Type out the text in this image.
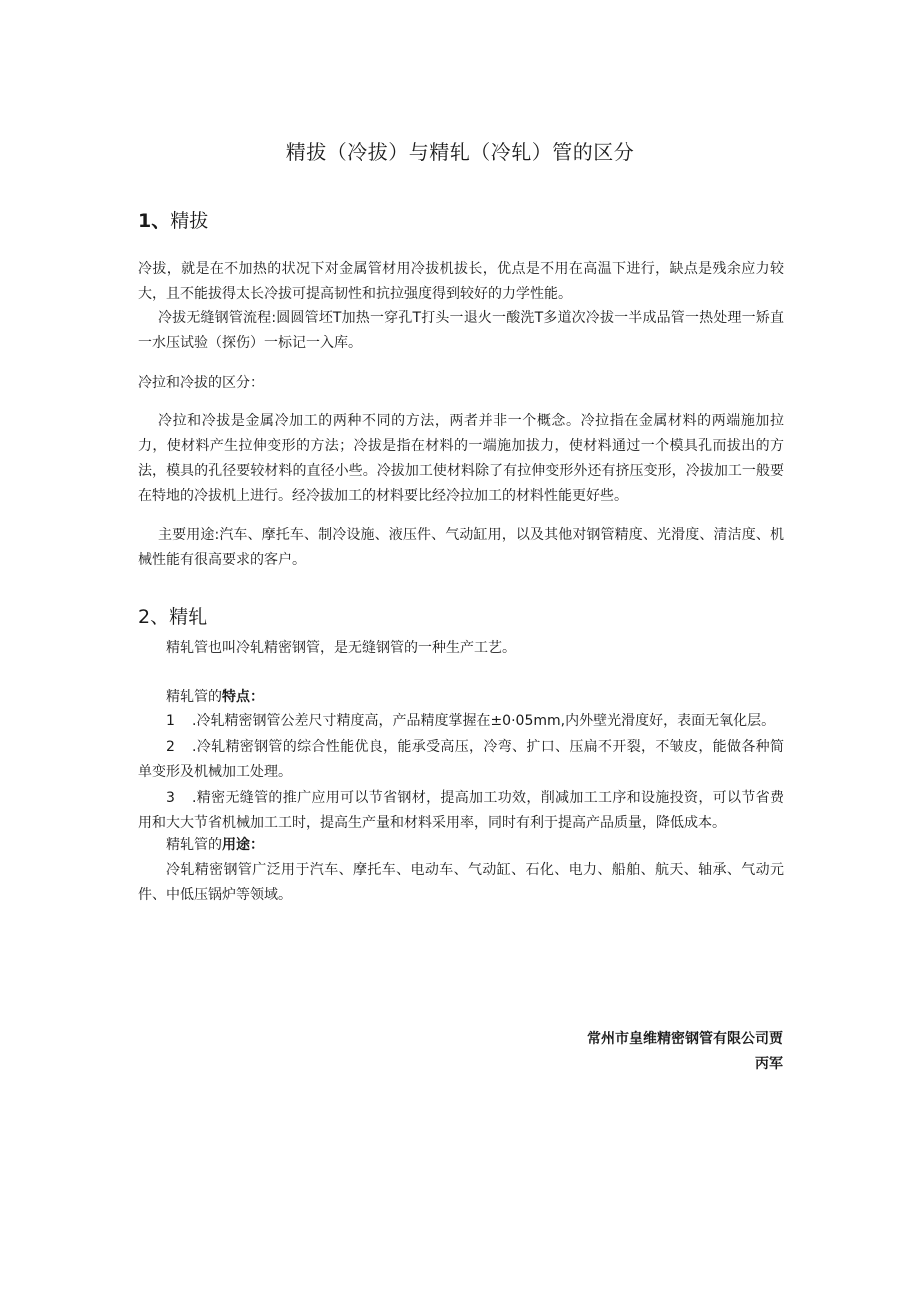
精拔（冷拔）与精轧（冷轧）管的区分
1、精拔
冷拔，就是在不加热的状况下对金属管材用冷拔机拔长，优点是不用在高温下进行，缺点是残余应力较大，且不能拔得太长冷拔可提高韧性和抗拉强度得到较好的力学性能。
冷拔无缝钢管流程:圆圆管坯T加热一穿孔T打头一退火一酸洗T多道次冷拔一半成品管一热处理一矫直一水压试验（探伤）一标记一入库。
冷拉和冷拔的区分：
冷拉和冷拔是金属冷加工的两种不同的方法，两者并非一个概念。冷拉指在金属材料的两端施加拉力，使材料产生拉伸变形的方法；冷拔是指在材料的一端施加拔力，使材料通过一个模具孔而拔出的方法，模具的孔径要较材料的直径小些。冷拔加工使材料除了有拉伸变形外还有挤压变形，冷拔加工一般要在特地的冷拔机上进行。经冷拔加工的材料要比经冷拉加工的材料性能更好些。
主要用途:汽车、摩托车、制冷设施、液压件、气动缸用，以及其他对钢管精度、光滑度、清洁度、机械性能有很高要求的客户。
2、精轧
精轧管也叫冷轧精密钢管，是无缝钢管的一种生产工艺。
精轧管的特点：
1 .冷轧精密钢管公差尺寸精度高，产品精度掌握在±0·05mm,内外壁光滑度好，表面无氧化层。
2 .冷轧精密钢管的综合性能优良，能承受高压，冷弯、扩口、压扁不开裂，不皱皮，能做各种简单变形及机械加工处理。
3 .精密无缝管的推广应用可以节省钢材，提高加工功效，削减加工工序和设施投资，可以节省费用和大大节省机械加工工时，提高生产量和材料采用率，同时有利于提高产品质量，降低成本。
精轧管的用途：
冷轧精密钢管广泛用于汽车、摩托车、电动车、气动缸、石化、电力、船舶、航天、轴承、气动元件、中低压锅炉等领域。
常州市皇维精密钢管有限公司贾
丙军
